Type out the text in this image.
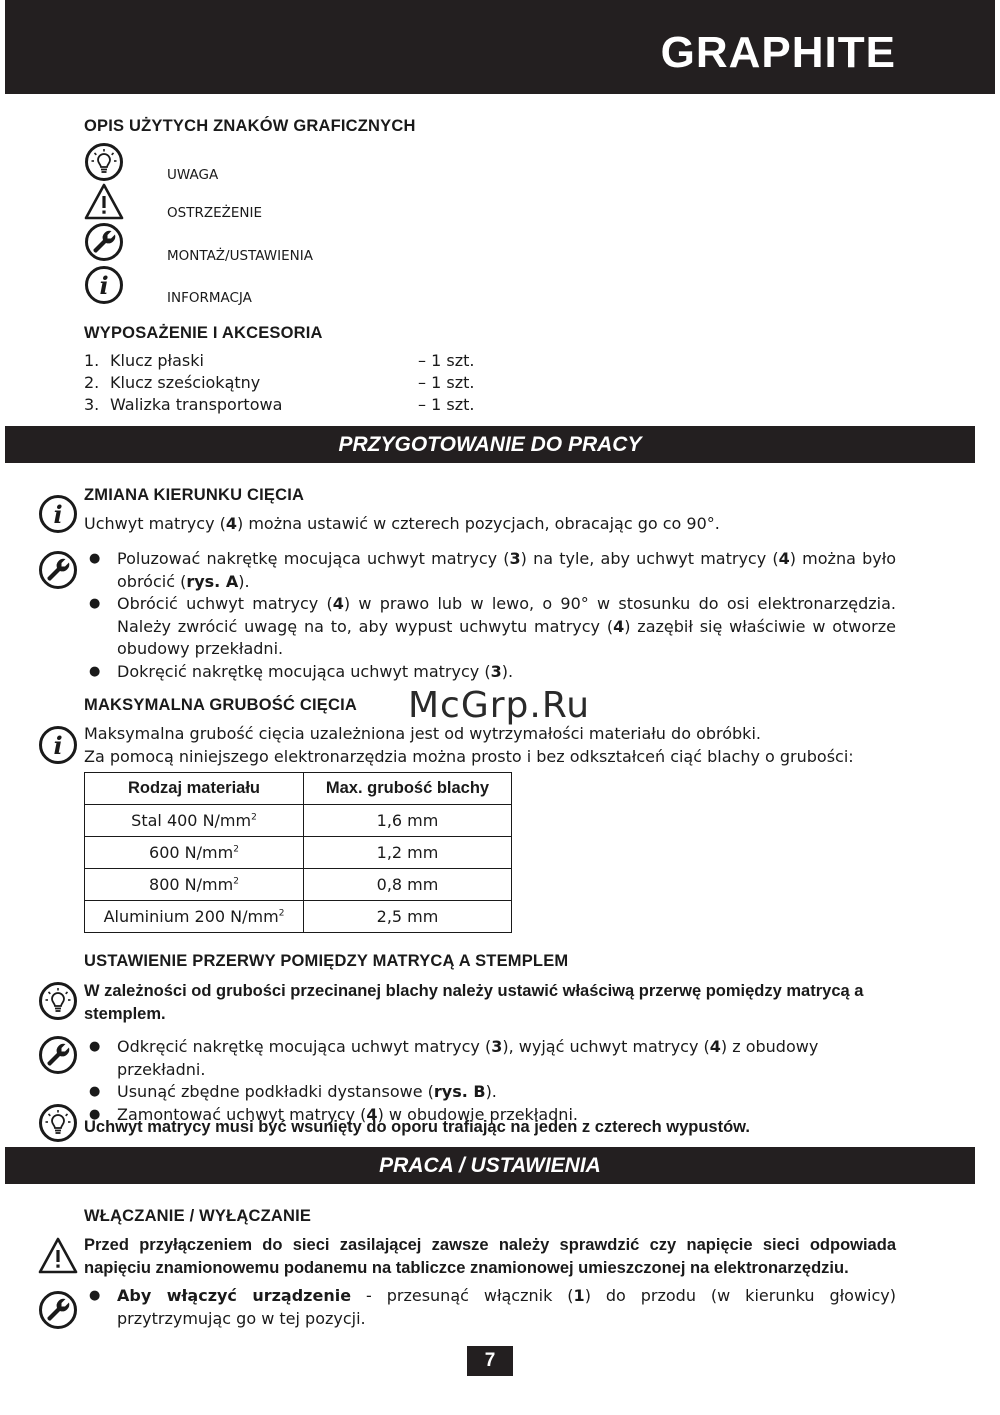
GRAPHITE
OPIS UŻYTYCH ZNAKÓW GRAFICZNYCH
UWAGA
OSTRZEŻENIE
MONTAŻ/USTAWIENIA
i	INFORMACJA
WYPOSAŻENIE I AKCESORIA
1. Klucz płaski	– 1 szt.
2. Klucz sześciokątny	– 1 szt.
3. Walizka transportowa	– 1 szt.
PRZYGOTOWANIE DO PRACY
ZMIANA KIERUNKU CIĘCIA
i Uchwyt matrycy (4) można ustawić w czterech pozycjach, obracając go co 90°.
● Poluzować nakrętkę mocująca uchwyt matrycy (3) na tyle, aby uchwyt matrycy (4) można było obrócić (rys. A).
● Obrócić uchwyt matrycy (4) w prawo lub w lewo, o 90° w stosunku do osi elektronarzędzia. Należy zwrócić uwagę na to, aby wypust uchwytu matrycy (4) zazębił się właściwie w otworze obudowy przekładni.
● Dokręcić nakrętkę mocująca uchwyt matrycy (3).
MAKSYMALNA GRUBOŚĆ CIĘCIA McGrp.Ru
i Maksymalna grubość cięcia uzależniona jest od wytrzymałości materiału do obróbki.
Za pomocą niniejszego elektronarzędzia można prosto i bez odkształceń ciąć blachy o grubości:
Rodzaj materiału	Max. grubość blachy
Stal 400 $N/mm^2$	1,6 mm
600 $N/mm^2$	1,2 mm
800 $N/mm^2$	0,8 mm
Aluminium 200 $N/mm^2$	2,5 mm
USTAWIENIE PRZERWY POMIĘDZY MATRYCĄ A STEMPLEM
W zależności od grubości przecinanej blachy należy ustawić właściwą przerwę pomiędzy matrycą a stemplem.
● Odkręcić nakrętkę mocująca uchwyt matrycy (3), wyjąć uchwyt matrycy (4) z obudowy przekładni.
● Usunąć zbędne podkładki dystansowe (rys. B).
● Zamontować uchwyt matrycy (4) w obudowie przekładni.
Uchwyt matrycy musi być wsunięty do oporu trafiając na jeden z czterech wypustów.
PRACA / USTAWIENIA
WŁĄCZANIE / WYŁĄCZANIE
Przed przyłączeniem do sieci zasilającej zawsze należy sprawdzić czy napięcie sieci odpowiada napięciu znamionowemu podanemu na tabliczce znamionowej umieszczonej na elektronarzędziu.
● Aby włączyć urządzenie - przesunąć włącznik (1) do przodu (w kierunku głowicy) przytrzymując go w tej pozycji.
7
